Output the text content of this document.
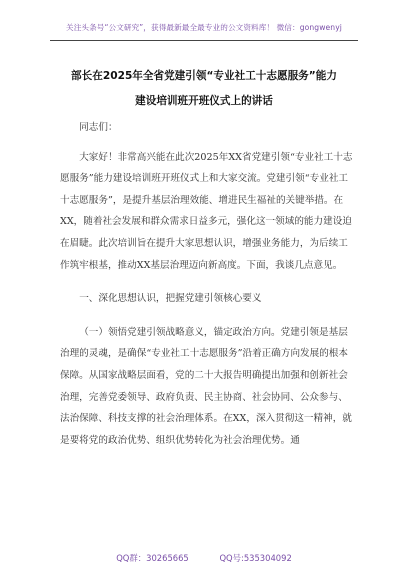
关注头条号“公文研究”，获得最新最全最专业的公文资料库！ 微信：gongwenyj
部长在2025年全省党建引领“专业社工十志愿服务”能力
建设培训班开班仪式上的讲话

同志们：

大家好！非常高兴能在此次2025年XX省党建引领“专业社工十志愿服务”能力建设培训班开班仪式上和大家交流。党建引领“专业社工十志愿服务”，是提升基层治理效能、增进民生福祉的关键举措。在XX，随着社会发展和群众需求日益多元，强化这一领域的能力建设迫在眉睫。此次培训旨在提升大家思想认识，增强业务能力，为后续工作筑牢根基，推动XX基层治理迈向新高度。下面，我谈几点意见。

一、深化思想认识，把握党建引领核心要义

（一）领悟党建引领战略意义，锚定政治方向。党建引领是基层治理的灵魂，是确保“专业社工十志愿服务”沿着正确方向发展的根本保障。从国家战略层面看，党的二十大报告明确提出加强和创新社会治理，完善党委领导、政府负责、民主协商、社会协同、公众参与、法治保障、科技支撑的社会治理体系。在XX，深入贯彻这一精神，就是要将党的政治优势、组织优势转化为社会治理优势。通

QQ群：30265665	QQ号:535304092
